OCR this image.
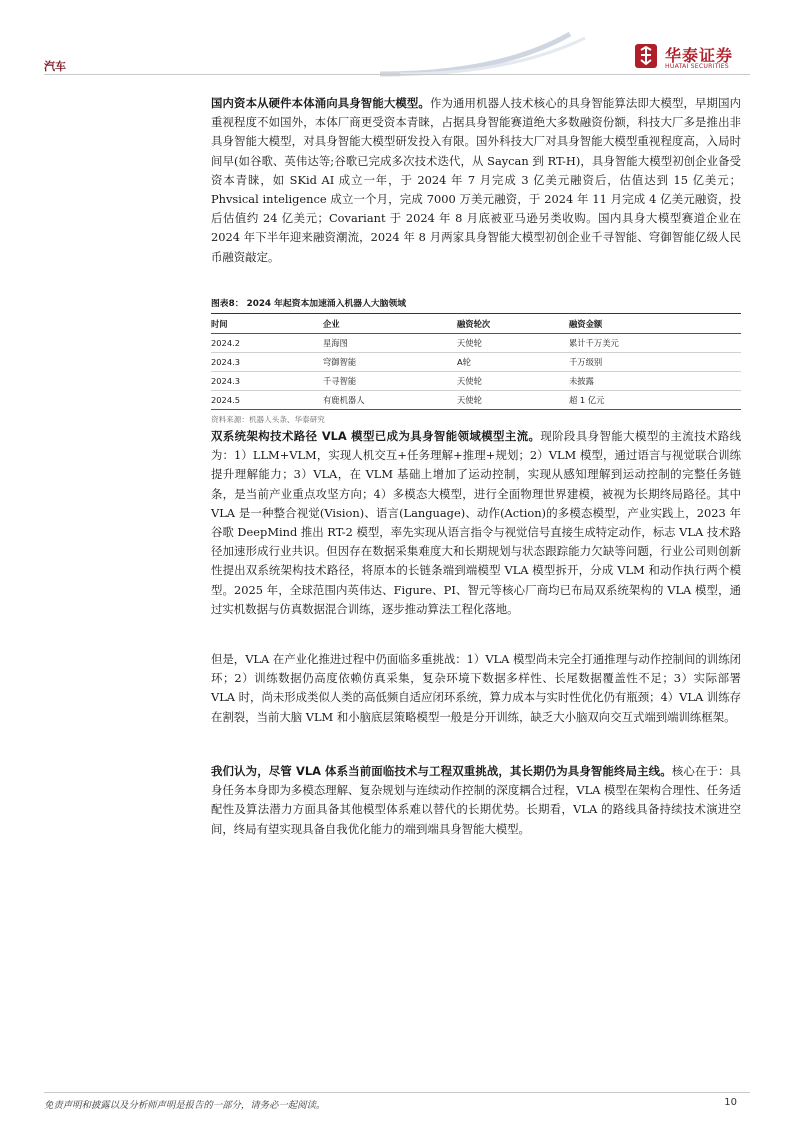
汽车
华泰证券
HUATAI SECURITIES
国内资本从硬件本体涌向具身智能大模型。作为通用机器人技术核心的具身智能算法即大模型，早期国内重视程度不如国外，本体厂商更受资本青睐，占据具身智能赛道绝大多数融资份额，科技大厂多是推出非具身智能大模型，对具身智能大模型研发投入有限。国外科技大厂对具身智能大模型重视程度高，入局时间早(如谷歌、英伟达等;谷歌已完成多次技术迭代，从 Saycan 到 RT-H)，具身智能大模型初创企业备受资本青睐，如 SKid AI 成立一年，于 2024 年 7 月完成 3 亿美元融资后，估值达到 15 亿美元；Phvsical inteligence 成立一个月，完成 7000 万美元融资，于 2024 年 11 月完成 4 亿美元融资，投后估值约 24 亿美元；Covariant 于 2024 年 8 月底被亚马逊另类收购。国内具身大模型赛道企业在 2024 年下半年迎来融资潮流，2024 年 8 月两家具身智能大模型初创企业千寻智能、穹御智能亿级人民币融资敲定。
图表8： 2024 年起资本加速涌入机器人大脑领域
时间	企业	融资轮次	融资金额
2024.2	星海图	天使轮	累计千万美元
2024.3	穹御智能	A轮	千万级别
2024.3	千寻智能	天使轮	未披露
2024.5	有鹿机器人	天使轮	超 1 亿元
资料来源：机器人头条、华泰研究
双系统架构技术路径 VLA 模型已成为具身智能领域模型主流。现阶段具身智能大模型的主流技术路线为：1）LLM+VLM，实现人机交互+任务理解+推理+规划；2）VLM 模型，通过语言与视觉联合训练提升理解能力；3）VLA，在 VLM 基础上增加了运动控制，实现从感知理解到运动控制的完整任务链条，是当前产业重点攻坚方向；4）多模态大模型，进行全面物理世界建模，被视为长期终局路径。其中 VLA 是一种整合视觉(Vision)、语言(Language)、动作(Action)的多模态模型，产业实践上，2023 年谷歌 DeepMind 推出 RT-2 模型，率先实现从语言指令与视觉信号直接生成特定动作，标志 VLA 技术路径加速形成行业共识。但因存在数据采集难度大和长期规划与状态跟踪能力欠缺等问题，行业公司则创新性提出双系统架构技术路径，将原本的长链条端到端模型 VLA 模型拆开，分成 VLM 和动作执行两个模型。2025 年，全球范围内英伟达、Figure、PI、智元等核心厂商均已布局双系统架构的 VLA 模型，通过实机数据与仿真数据混合训练，逐步推动算法工程化落地。
但是，VLA 在产业化推进过程中仍面临多重挑战：1）VLA 模型尚未完全打通推理与动作控制间的训练闭环；2）训练数据仍高度依赖仿真采集，复杂环境下数据多样性、长尾数据覆盖性不足；3）实际部署 VLA 时，尚未形成类似人类的高低频自适应闭环系统，算力成本与实时性优化仍有瓶颈；4）VLA 训练存在割裂，当前大脑 VLM 和小脑底层策略模型一般是分开训练，缺乏大小脑双向交互式端到端训练框架。
我们认为，尽管 VLA 体系当前面临技术与工程双重挑战，其长期仍为具身智能终局主线。核心在于：具身任务本身即为多模态理解、复杂规划与连续动作控制的深度耦合过程，VLA 模型在架构合理性、任务适配性及算法潜力方面具备其他模型体系难以替代的长期优势。长期看，VLA 的路线具备持续技术演进空间，终局有望实现具备自我优化能力的端到端具身智能大模型。
免责声明和披露以及分析师声明是报告的一部分，请务必一起阅读。	10
